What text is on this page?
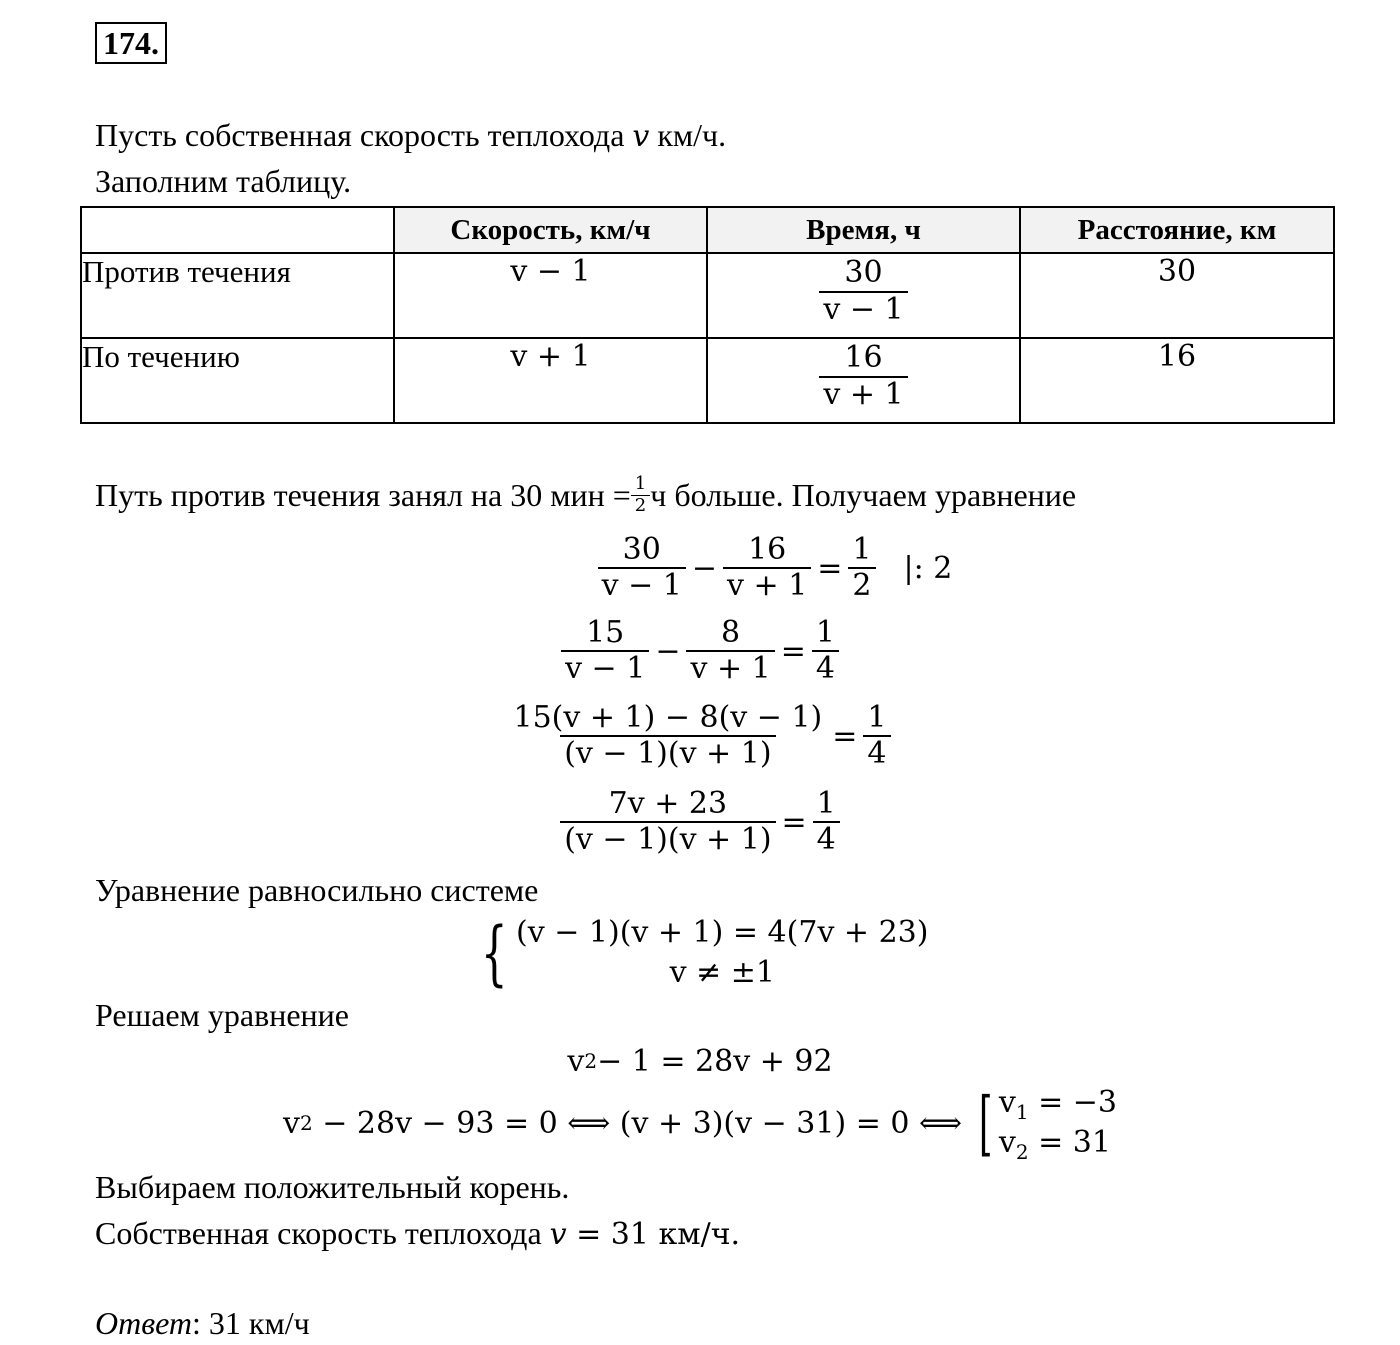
174.
Пусть собственная скорость теплохода v км/ч.
Заполним таблицу.
	Скорость, км/ч	Время, ч	Расстояние, км
Против течения	v − 1	$\frac{30}{v - 1}$	30
По течению	v + 1	$\frac{16}{v + 1}$	16
Путь против течения занял на 30 мин = $\frac{1}{2}$ ч больше. Получаем уравнение
$\frac{30}{v - 1} - \frac{16}{v + 1} = \frac{1}{2}$ |: 2
$\frac{15}{v - 1} - \frac{8}{v + 1} = \frac{1}{4}$
$\frac{15(v + 1) - 8(v - 1)}{(v - 1)(v + 1)} = \frac{1}{4}$
$\frac{7v + 23}{(v - 1)(v + 1)} = \frac{1}{4}$
Уравнение равносильно системе
{ (v − 1)(v + 1) = 4(7v + 23)
v ≠ ±1
Решаем уравнение
v 2 − 1 = 28v + 92
v 2 − 28v − 93 = 0 ⟺ (v + 3)(v − 31) = 0 ⟺ [ $v_1 = -3$
$v_2 = 31$
Выбираем положительный корень.
Собственная скорость теплохода v = 31 км/ч.
Ответ: 31 км/ч
